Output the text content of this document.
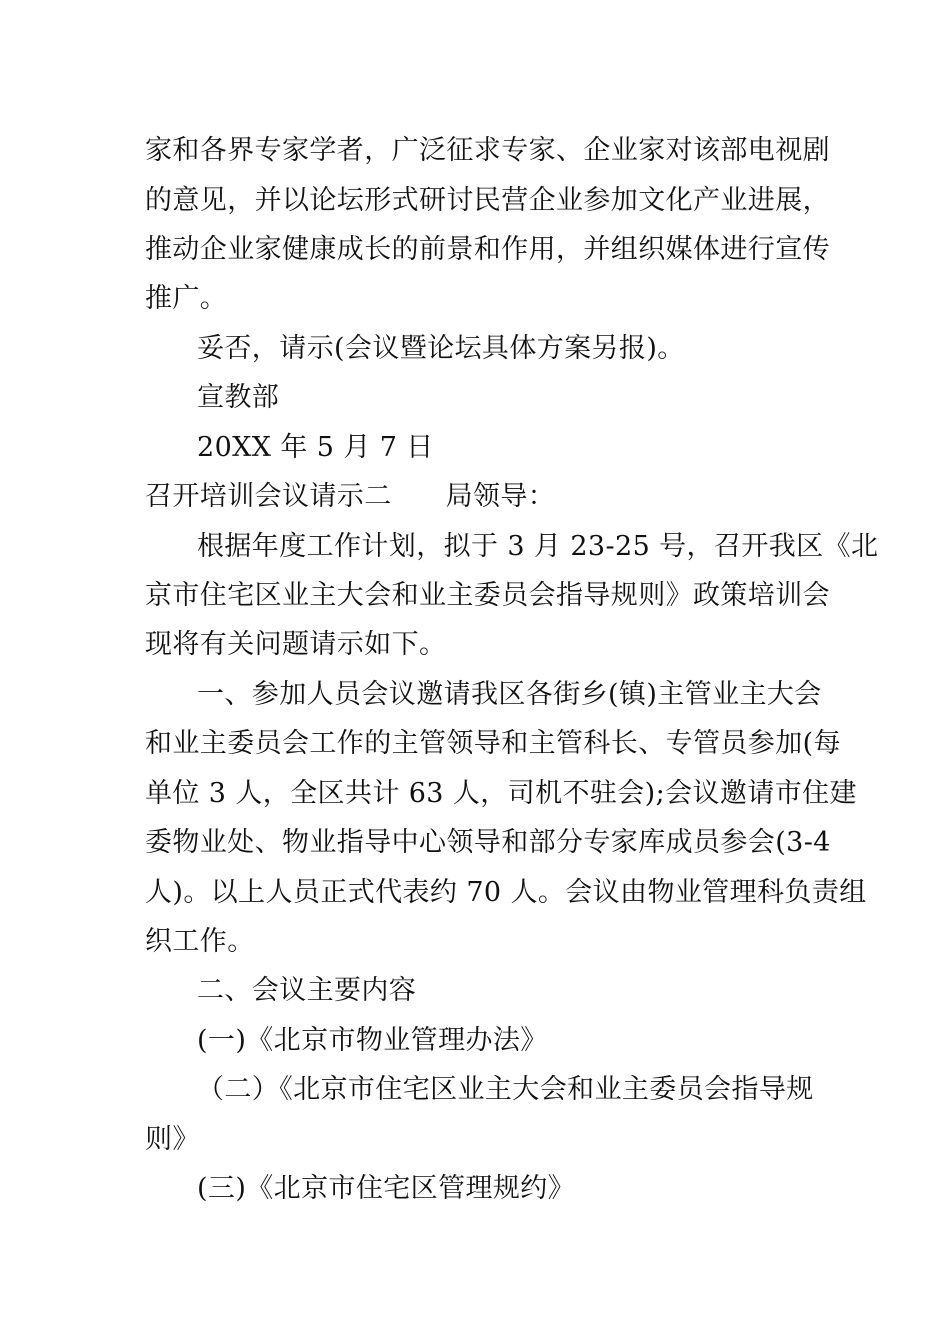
家和各界专家学者，广泛征求专家、企业家对该部电视剧
的意见，并以论坛形式研讨民营企业参加文化产业进展，
推动企业家健康成长的前景和作用，并组织媒体进行宣传
推广。
妥否，请示(会议暨论坛具体方案另报)。
宣教部
20XX 年 5 月 7 日
召开培训会议请示二 局领导：
根据年度工作计划，拟于 3 月 23-25 号，召开我区《北
京市住宅区业主大会和业主委员会指导规则》政策培训会
现将有关问题请示如下。
一、参加人员会议邀请我区各街乡(镇)主管业主大会
和业主委员会工作的主管领导和主管科长、专管员参加(每
单位 3 人，全区共计 63 人，司机不驻会);会议邀请市住建
委物业处、物业指导中心领导和部分专家库成员参会(3-4
人)。以上人员正式代表约 70 人。会议由物业管理科负责组
织工作。
二、会议主要内容
(一)《北京市物业管理办法》
（二）《北京市住宅区业主大会和业主委员会指导规
则》
(三)《北京市住宅区管理规约》
